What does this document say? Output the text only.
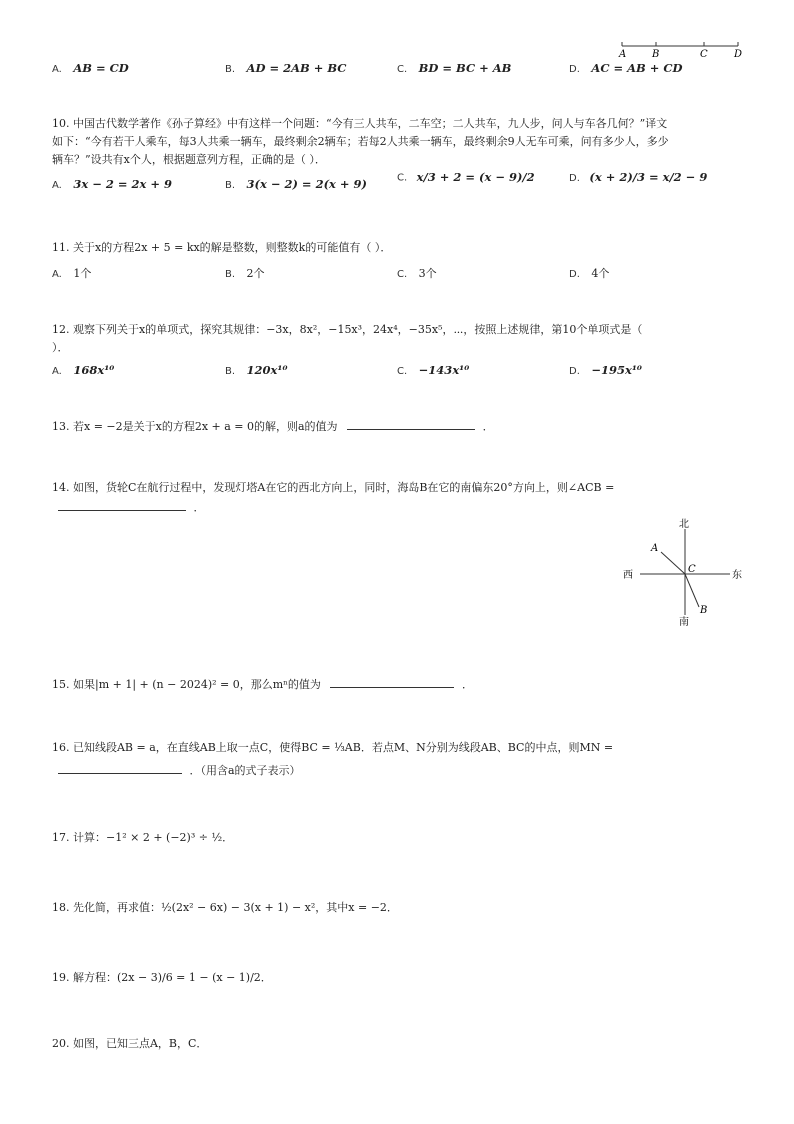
A	B	C	D
A. AB = CD	B. AD = 2AB + BC	C. BD = BC + AB	D. AC = AB + CD
10. 中国古代数学著作《孙子算经》中有这样一个问题：“今有三人共车，二车空；二人共车，九人步，问人与车各几何？”译文
如下：“今有若干人乘车，每3人共乘一辆车，最终剩余2辆车；若每2人共乘一辆车，最终剩余9人无车可乘，问有多少人，多少
辆车？”设共有x个人，根据题意列方程，正确的是（ ）．
A. 3x − 2 = 2x + 9	B. 3(x − 2) = 2(x + 9)	C. x/3 + 2 = (x − 9)/2	D. (x + 2)/3 = x/2 − 9
11. 关于x的方程2x + 5 = kx的解是整数，则整数k的可能值有（ ）．
A. 1个	B. 2个	C. 3个	D. 4个
12. 观察下列关于x的单项式，探究其规律：−3x，8x²，−15x³，24x⁴，−35x⁵，⋯，按照上述规律，第10个单项式是（
）．
A. 168x¹⁰	B. 120x¹⁰	C. −143x¹⁰	D. −195x¹⁰
13. 若x = −2是关于x的方程2x + a = 0的解，则a的值为	．
14. 如图，货轮C在航行过程中，发现灯塔A在它的西北方向上，同时，海岛B在它的南偏东20°方向上，则∠ACB =
．
北
南
西	东
A
C
B
15. 如果|m + 1| + (n − 2024)² = 0，那么mⁿ的值为	．
16. 已知线段AB = a，在直线AB上取一点C，使得BC = ⅓AB．若点M、N分别为线段AB、BC的中点，则MN =
．（用含a的式子表示）
17. 计算：−1² × 2 + (−2)³ ÷ ½．
18. 先化简，再求值：½(2x² − 6x) − 3(x + 1) − x²，其中x = −2．
19. 解方程：(2x − 3)/6 = 1 − (x − 1)/2．
20. 如图，已知三点A，B，C．
